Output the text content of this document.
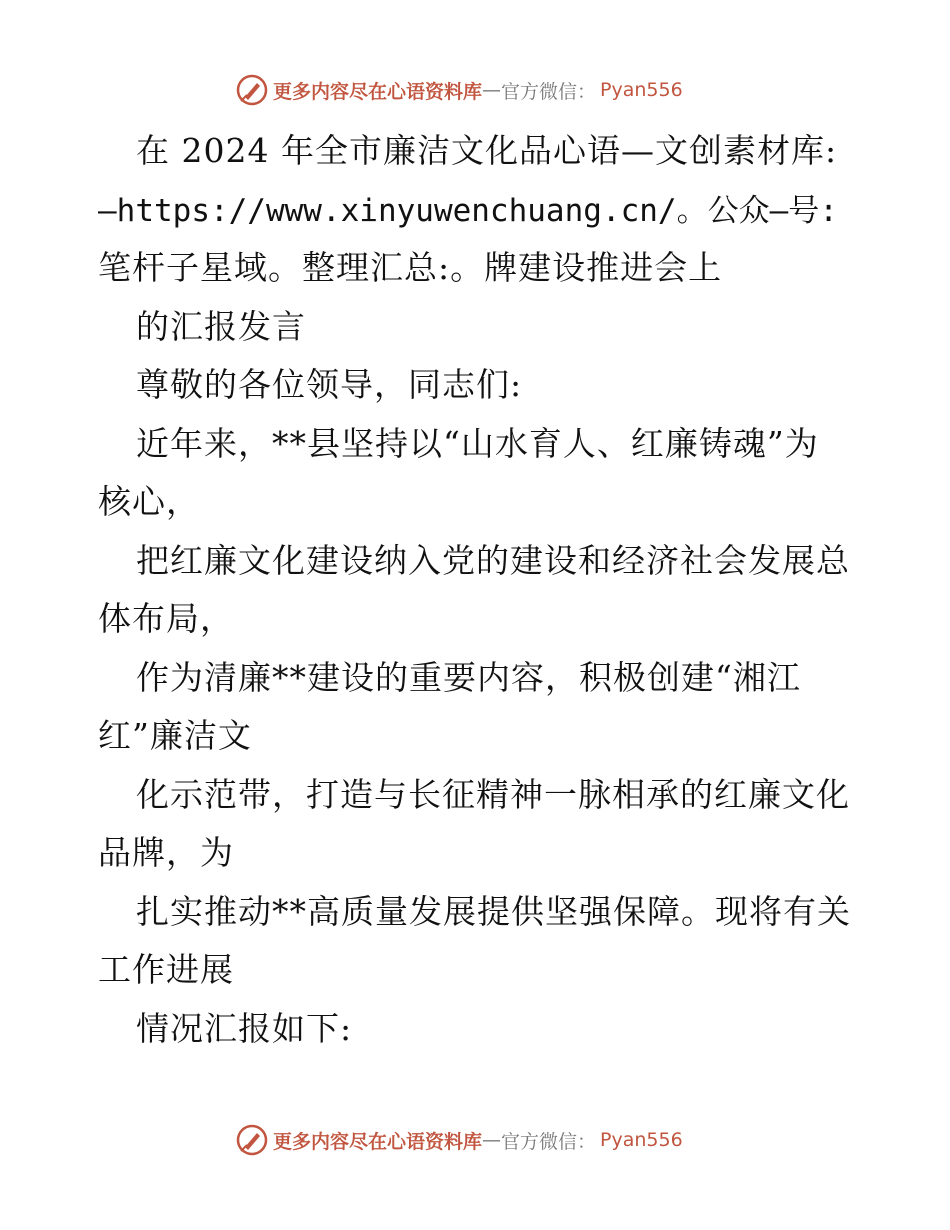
更多内容尽在心语资料库 — 官方微信： Pyan556
在 2024 年全市廉洁文化品心语—文创素材库:
—https://www.xinyuwenchuang.cn/。公众—号:
笔杆子星域。整理汇总:。牌建设推进会上
的汇报发言
尊敬的各位领导，同志们:
近年来，**县坚持以“山水育人、红廉铸魂”为
核心，
把红廉文化建设纳入党的建设和经济社会发展总
体布局，
作为清廉**建设的重要内容，积极创建“湘江
红”廉洁文
化示范带，打造与长征精神一脉相承的红廉文化
品牌，为
扎实推动**高质量发展提供坚强保障。现将有关
工作进展
情况汇报如下:
更多内容尽在心语资料库 — 官方微信： Pyan556
